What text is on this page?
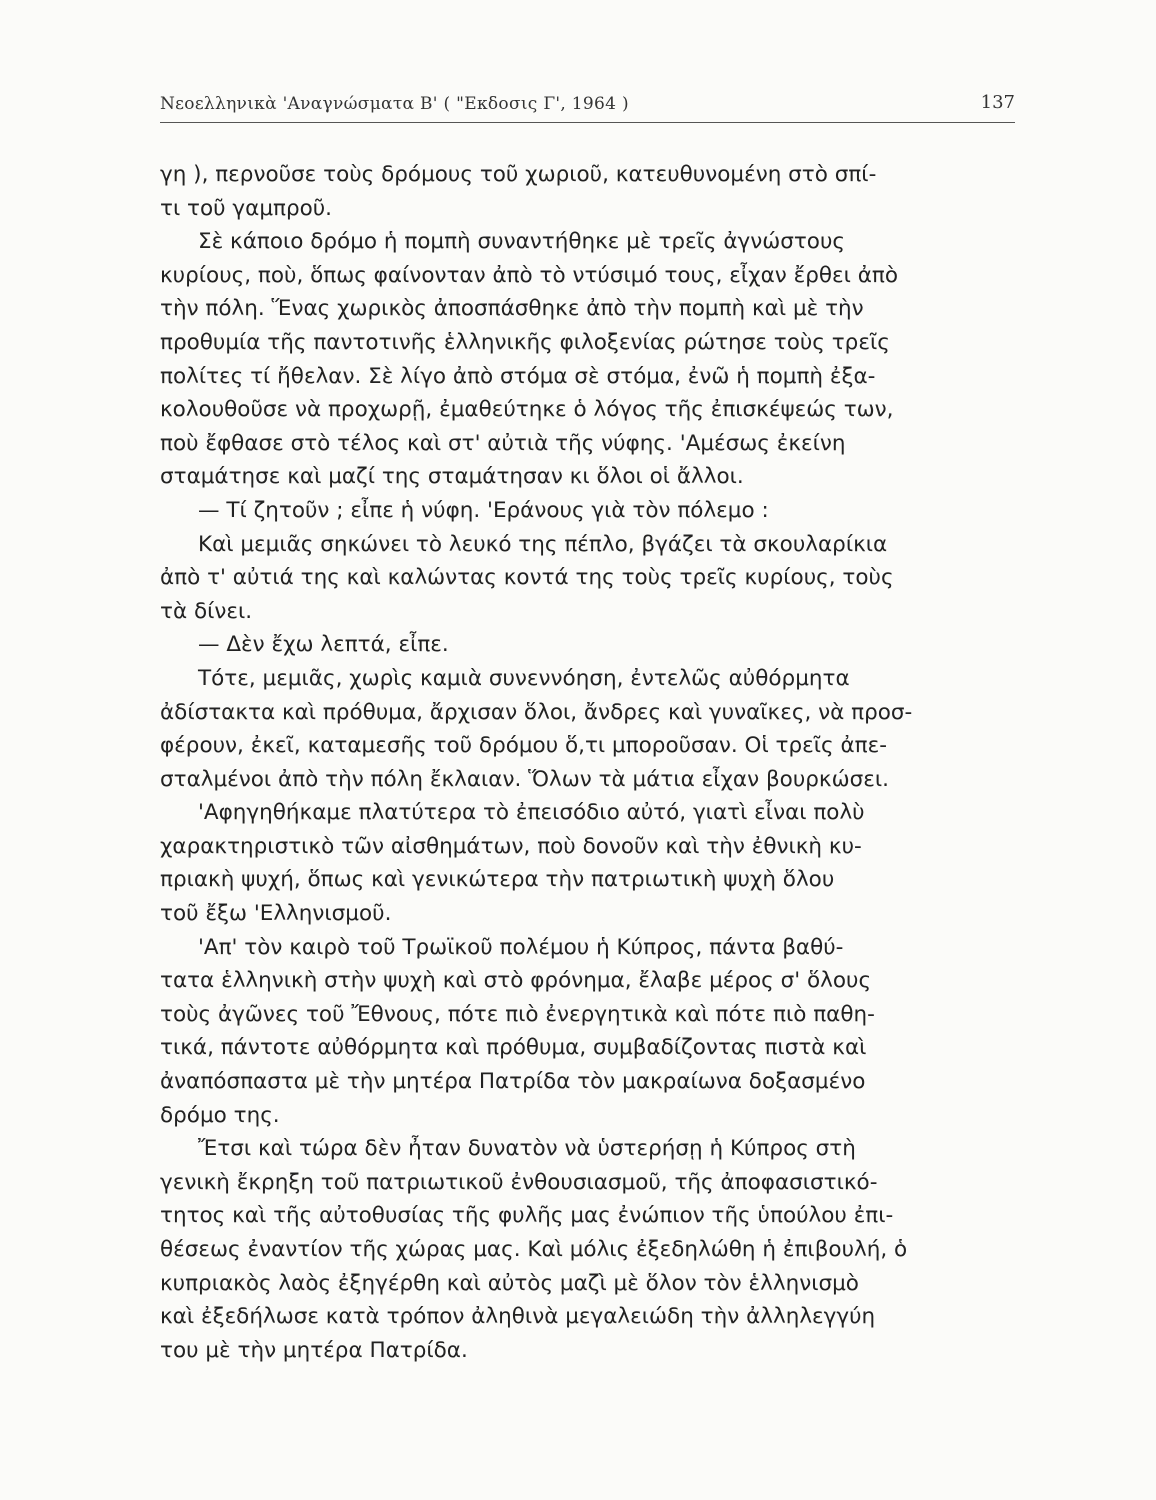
Νεοελληνικὰ 'Αναγνώσματα Β' ( "Εκδοσις Γ', 1964 )	137
γη ), περνοῦσε τοὺς δρόμους τοῦ χωριοῦ, κατευθυνομένη στὸ σπί-
τι τοῦ γαμπροῦ.
Σὲ κάποιο δρόμο ἡ πομπὴ συναντήθηκε μὲ τρεῖς ἀγνώστους
κυρίους, ποὺ, ὅπως φαίνονταν ἀπὸ τὸ ντύσιμό τους, εἶχαν ἔρθει ἀπὸ
τὴν πόλη. Ἕνας χωρικὸς ἀποσπάσθηκε ἀπὸ τὴν πομπὴ καὶ μὲ τὴν
προθυμία τῆς παντοτινῆς ἑλληνικῆς φιλοξενίας ρώτησε τοὺς τρεῖς
πολίτες τί ἤθελαν. Σὲ λίγο ἀπὸ στόμα σὲ στόμα, ἐνῶ ἡ πομπὴ ἐξα-
κολουθοῦσε νὰ προχωρῇ, ἐμαθεύτηκε ὁ λόγος τῆς ἐπισκέψεώς των,
ποὺ ἔφθασε στὸ τέλος καὶ στ' αὐτιὰ τῆς νύφης. 'Αμέσως ἐκείνη
σταμάτησε καὶ μαζί της σταμάτησαν κι ὅλοι οἱ ἄλλοι.
— Τί ζητοῦν ; εἶπε ἡ νύφη. 'Εράνους γιὰ τὸν πόλεμο :
Καὶ μεμιᾶς σηκώνει τὸ λευκό της πέπλο, βγάζει τὰ σκουλαρίκια
ἀπὸ τ' αὐτιά της καὶ καλώντας κοντά της τοὺς τρεῖς κυρίους, τοὺς
τὰ δίνει.
— Δὲν ἔχω λεπτά, εἶπε.
Τότε, μεμιᾶς, χωρὶς καμιὰ συνεννόηση, ἐντελῶς αὐθόρμητα
ἀδίστακτα καὶ πρόθυμα, ἄρχισαν ὅλοι, ἄνδρες καὶ γυναῖκες, νὰ προσ-
φέρουν, ἐκεῖ, καταμεσῆς τοῦ δρόμου ὅ,τι μποροῦσαν. Οἱ τρεῖς ἀπε-
σταλμένοι ἀπὸ τὴν πόλη ἔκλαιαν. Ὅλων τὰ μάτια εἶχαν βουρκώσει.
'Αφηγηθήκαμε πλατύτερα τὸ ἐπεισόδιο αὐτό, γιατὶ εἶναι πολὺ
χαρακτηριστικὸ τῶν αἰσθημάτων, ποὺ δονοῦν καὶ τὴν ἐθνικὴ κυ-
πριακὴ ψυχή, ὅπως καὶ γενικώτερα τὴν πατριωτικὴ ψυχὴ ὅλου
τοῦ ἔξω 'Ελληνισμοῦ.
'Απ' τὸν καιρὸ τοῦ Τρωϊκοῦ πολέμου ἡ Κύπρος, πάντα βαθύ-
τατα ἑλληνικὴ στὴν ψυχὴ καὶ στὸ φρόνημα, ἔλαβε μέρος σ' ὅλους
τοὺς ἀγῶνες τοῦ Ἔθνους, πότε πιὸ ἐνεργητικὰ καὶ πότε πιὸ παθη-
τικά, πάντοτε αὐθόρμητα καὶ πρόθυμα, συμβαδίζοντας πιστὰ καὶ
ἀναπόσπαστα μὲ τὴν μητέρα Πατρίδα τὸν μακραίωνα δοξασμένο
δρόμο της.
Ἔτσι καὶ τώρα δὲν ἦταν δυνατὸν νὰ ὑστερήσῃ ἡ Κύπρος στὴ
γενικὴ ἔκρηξη τοῦ πατριωτικοῦ ἐνθουσιασμοῦ, τῆς ἀποφασιστικό-
τητος καὶ τῆς αὐτοθυσίας τῆς φυλῆς μας ἐνώπιον τῆς ὑπούλου ἐπι-
θέσεως ἐναντίον τῆς χώρας μας. Καὶ μόλις ἐξεδηλώθη ἡ ἐπιβουλή, ὁ
κυπριακὸς λαὸς ἐξηγέρθη καὶ αὐτὸς μαζὶ μὲ ὅλον τὸν ἑλληνισμὸ
καὶ ἐξεδήλωσε κατὰ τρόπον ἀληθινὰ μεγαλειώδη τὴν ἀλληλεγγύη
του μὲ τὴν μητέρα Πατρίδα.
